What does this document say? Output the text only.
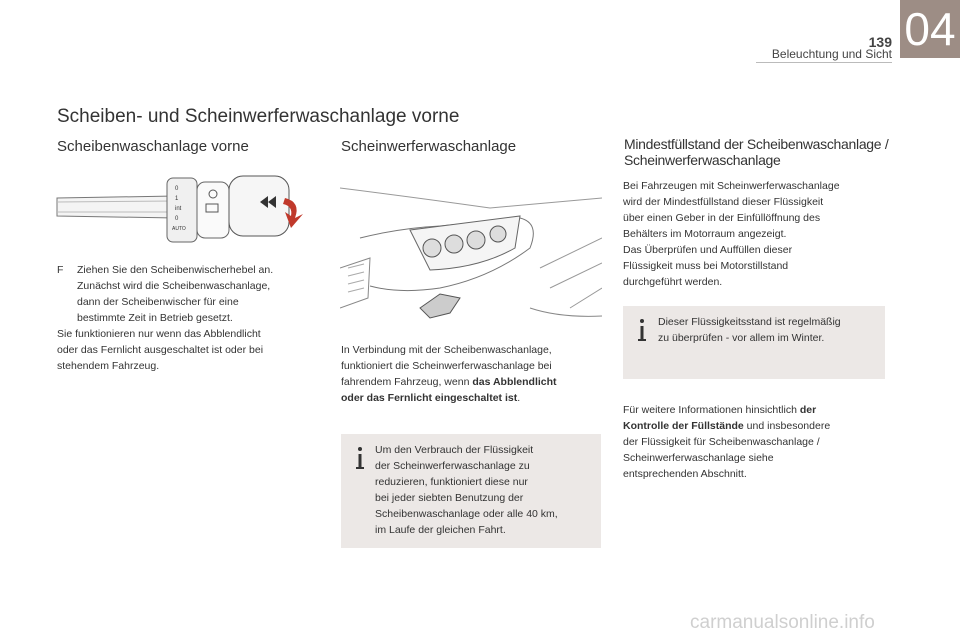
139
Beleuchtung und Sicht 04
Scheiben- und Scheinwerferwaschanlage vorne
Scheibenwaschanlage vorne
0
1
int
0
AUTO
F Ziehen Sie den Scheibenwischerhebel an.

Zunächst wird die Scheibenwaschanlage,

dann der Scheibenwischer für eine

bestimmte Zeit in Betrieb gesetzt.

Sie funktionieren nur wenn das Abblendlicht

oder das Fernlicht ausgeschaltet ist oder bei

stehendem Fahrzeug.

Scheinwerferwaschanlage

In Verbindung mit der Scheibenwaschanlage,

funktioniert die Scheinwerferwaschanlage bei

fahrendem Fahrzeug, wenn das Abblendlicht

oder das Fernlicht eingeschaltet ist.

Um den Verbrauch der Flüssigkeit
der Scheinwerferwaschanlage zu
reduzieren, funktioniert diese nur
bei jeder siebten Benutzung der
Scheibenwaschanlage oder alle 40 km,
im Laufe der gleichen Fahrt.
Mindestfüllstand der Scheibenwaschanlage /
Scheinwerferwaschanlage

Bei Fahrzeugen mit Scheinwerferwaschanlage

wird der Mindestfüllstand dieser Flüssigkeit

über einen Geber in der Einfüllöffnung des

Behälters im Motorraum angezeigt.

Das Überprüfen und Auffüllen dieser

Flüssigkeit muss bei Motorstillstand

durchgeführt werden.

Dieser Flüssigkeitsstand ist regelmäßig
zu überprüfen - vor allem im Winter.

Für weitere Informationen hinsichtlich der

Kontrolle der Füllstände und insbesondere

der Flüssigkeit für Scheibenwaschanlage /

Scheinwerferwaschanlage siehe

entsprechenden Abschnitt.

carmanualsonline.info
